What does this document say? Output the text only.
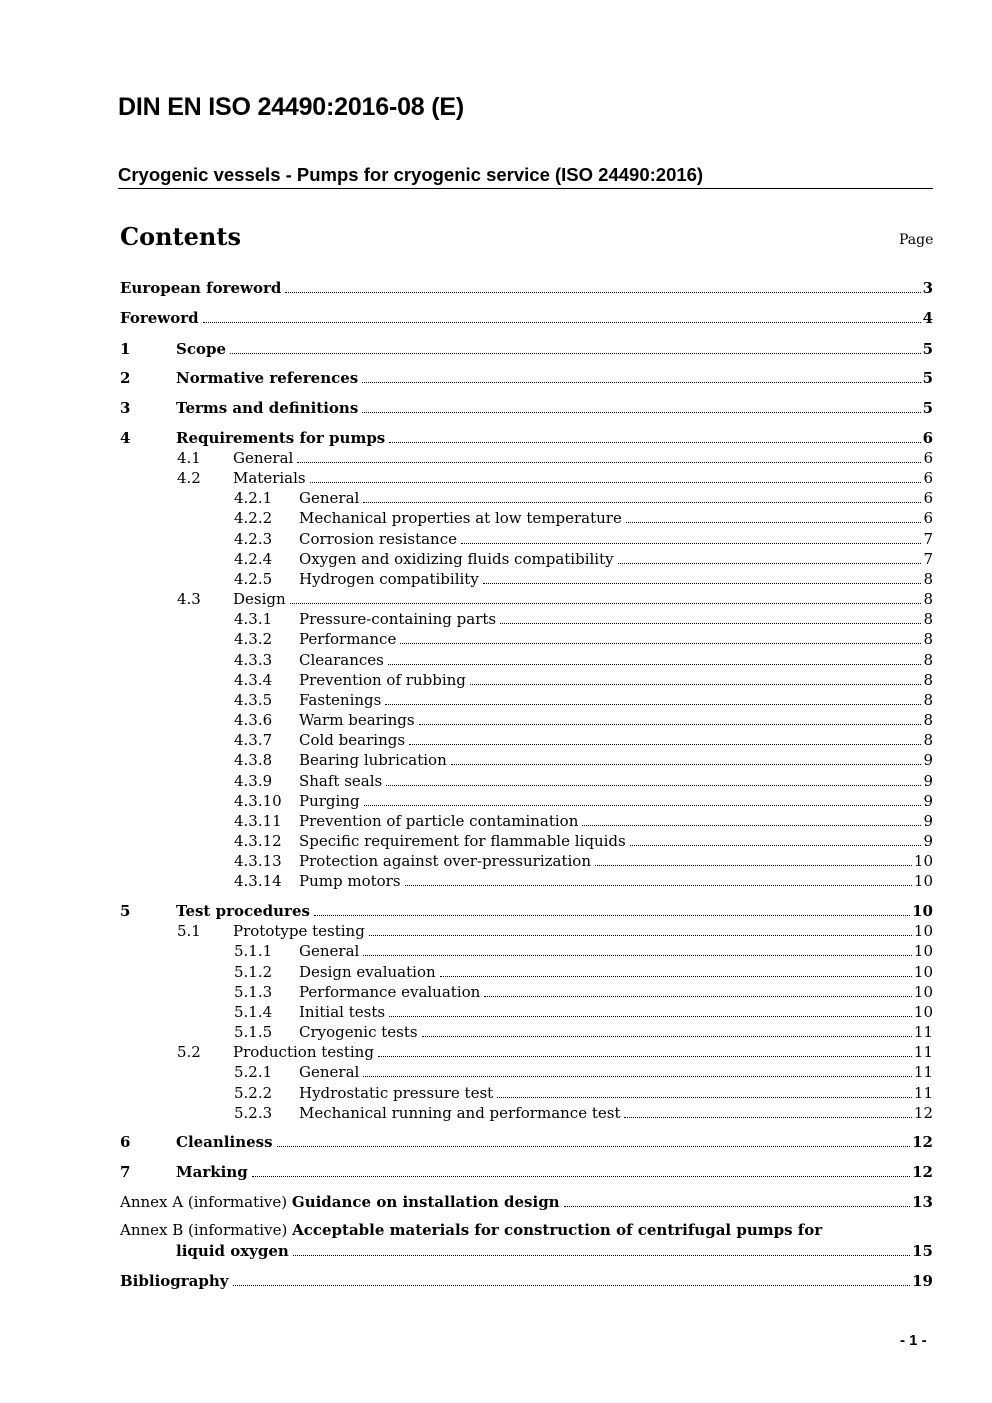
DIN EN ISO 24490:2016-08 (E)
Cryogenic vessels - Pumps for cryogenic service (ISO 24490:2016)
Contents	Page
European foreword	3
Foreword	4
1	Scope	5
2	Normative references	5
3	Terms and definitions	5
4	Requirements for pumps	6
4.1 General	6
4.2 Materials	6
4.2.1 General	6
4.2.2 Mechanical properties at low temperature	6
4.2.3 Corrosion resistance	7
4.2.4 Oxygen and oxidizing fluids compatibility	7
4.2.5 Hydrogen compatibility	8
4.3 Design	8
4.3.1 Pressure-containing parts	8
4.3.2 Performance	8
4.3.3 Clearances	8
4.3.4 Prevention of rubbing	8
4.3.5 Fastenings	8
4.3.6 Warm bearings	8
4.3.7 Cold bearings	8
4.3.8 Bearing lubrication	9
4.3.9 Shaft seals	9
4.3.10 Purging	9
4.3.11 Prevention of particle contamination	9
4.3.12 Specific requirement for flammable liquids	9
4.3.13 Protection against over-pressurization	10
4.3.14 Pump motors	10
5	Test procedures	10
5.1 Prototype testing	10
5.1.1 General	10
5.1.2 Design evaluation	10
5.1.3 Performance evaluation	10
5.1.4 Initial tests	10
5.1.5 Cryogenic tests	11
5.2 Production testing	11
5.2.1 General	11
5.2.2 Hydrostatic pressure test	11
5.2.3 Mechanical running and performance test	12
6	Cleanliness	12
7	Marking	12
Annex A (informative) Guidance on installation design	13
Annex B (informative) Acceptable materials for construction of centrifugal pumps for
liquid oxygen	15
Bibliography	19
- 1 -
